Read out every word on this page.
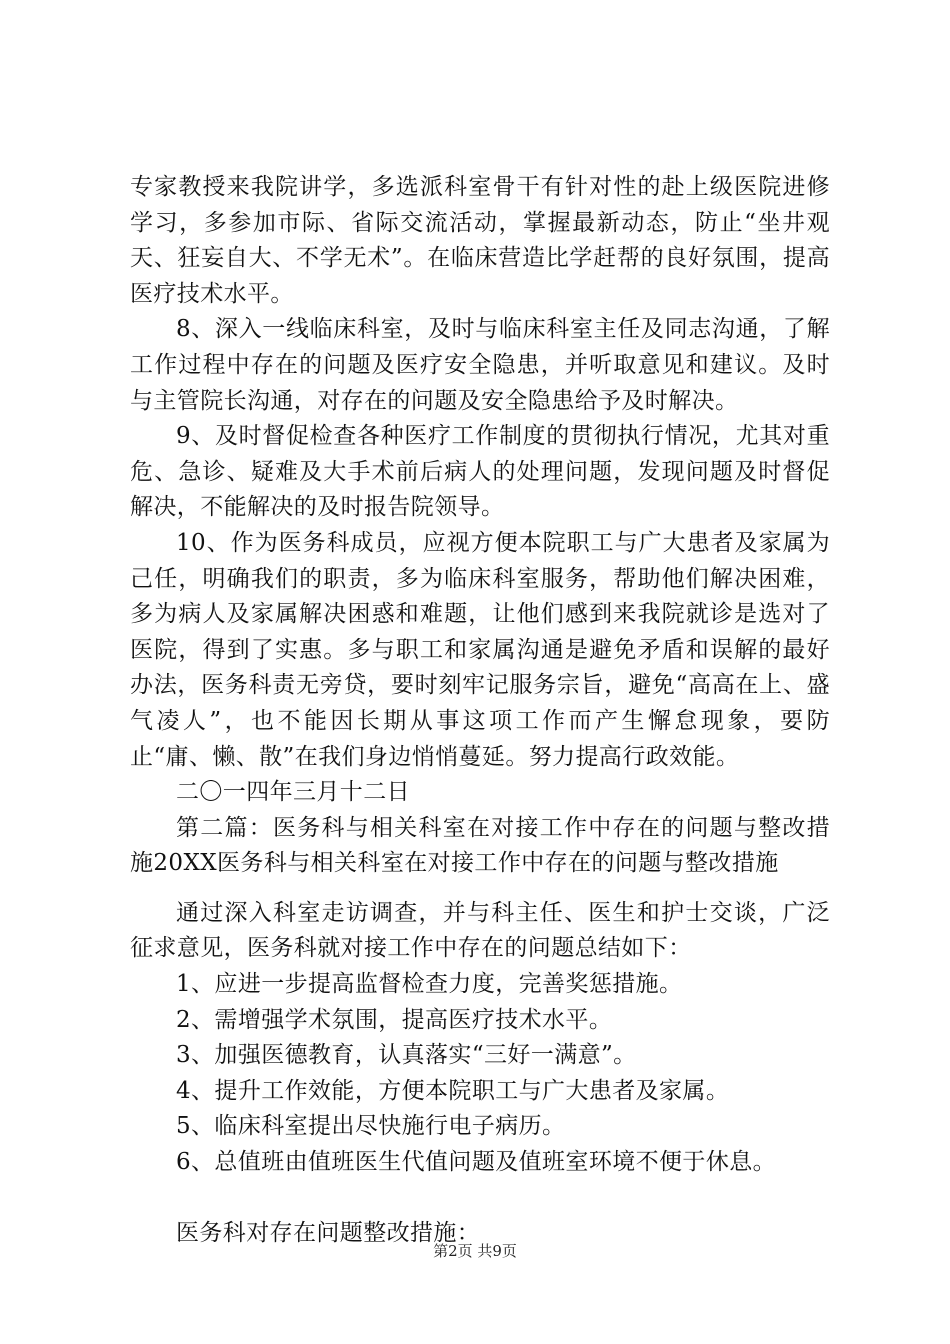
专家教授来我院讲学，多选派科室骨干有针对性的赴上级医院进修学习，多参加市际、省际交流活动，掌握最新动态，防止“坐井观天、狂妄自大、不学无术”。在临床营造比学赶帮的良好氛围，提高医疗技术水平。

8、深入一线临床科室，及时与临床科室主任及同志沟通，了解工作过程中存在的问题及医疗安全隐患，并听取意见和建议。及时与主管院长沟通，对存在的问题及安全隐患给予及时解决。

9、及时督促检查各种医疗工作制度的贯彻执行情况，尤其对重危、急诊、疑难及大手术前后病人的处理问题，发现问题及时督促解决，不能解决的及时报告院领导。

10、作为医务科成员，应视方便本院职工与广大患者及家属为己任，明确我们的职责，多为临床科室服务，帮助他们解决困难，多为病人及家属解决困惑和难题，让他们感到来我院就诊是选对了医院，得到了实惠。多与职工和家属沟通是避免矛盾和误解的最好办法，医务科责无旁贷，要时刻牢记服务宗旨，避免“高高在上、盛气凌人”，也不能因长期从事这项工作而产生懈怠现象，要防止“庸、懒、散”在我们身边悄悄蔓延。努力提高行政效能。

二〇一四年三月十二日

第二篇：医务科与相关科室在对接工作中存在的问题与整改措施20XX医务科与相关科室在对接工作中存在的问题与整改措施

通过深入科室走访调查，并与科主任、医生和护士交谈，广泛征求意见，医务科就对接工作中存在的问题总结如下：

1、应进一步提高监督检查力度，完善奖惩措施。

2、需增强学术氛围，提高医疗技术水平。

3、加强医德教育，认真落实“三好一满意”。

4、提升工作效能，方便本院职工与广大患者及家属。

5、临床科室提出尽快施行电子病历。

6、总值班由值班医生代值问题及值班室环境不便于休息。

医务科对存在问题整改措施：

第2页 共9页
